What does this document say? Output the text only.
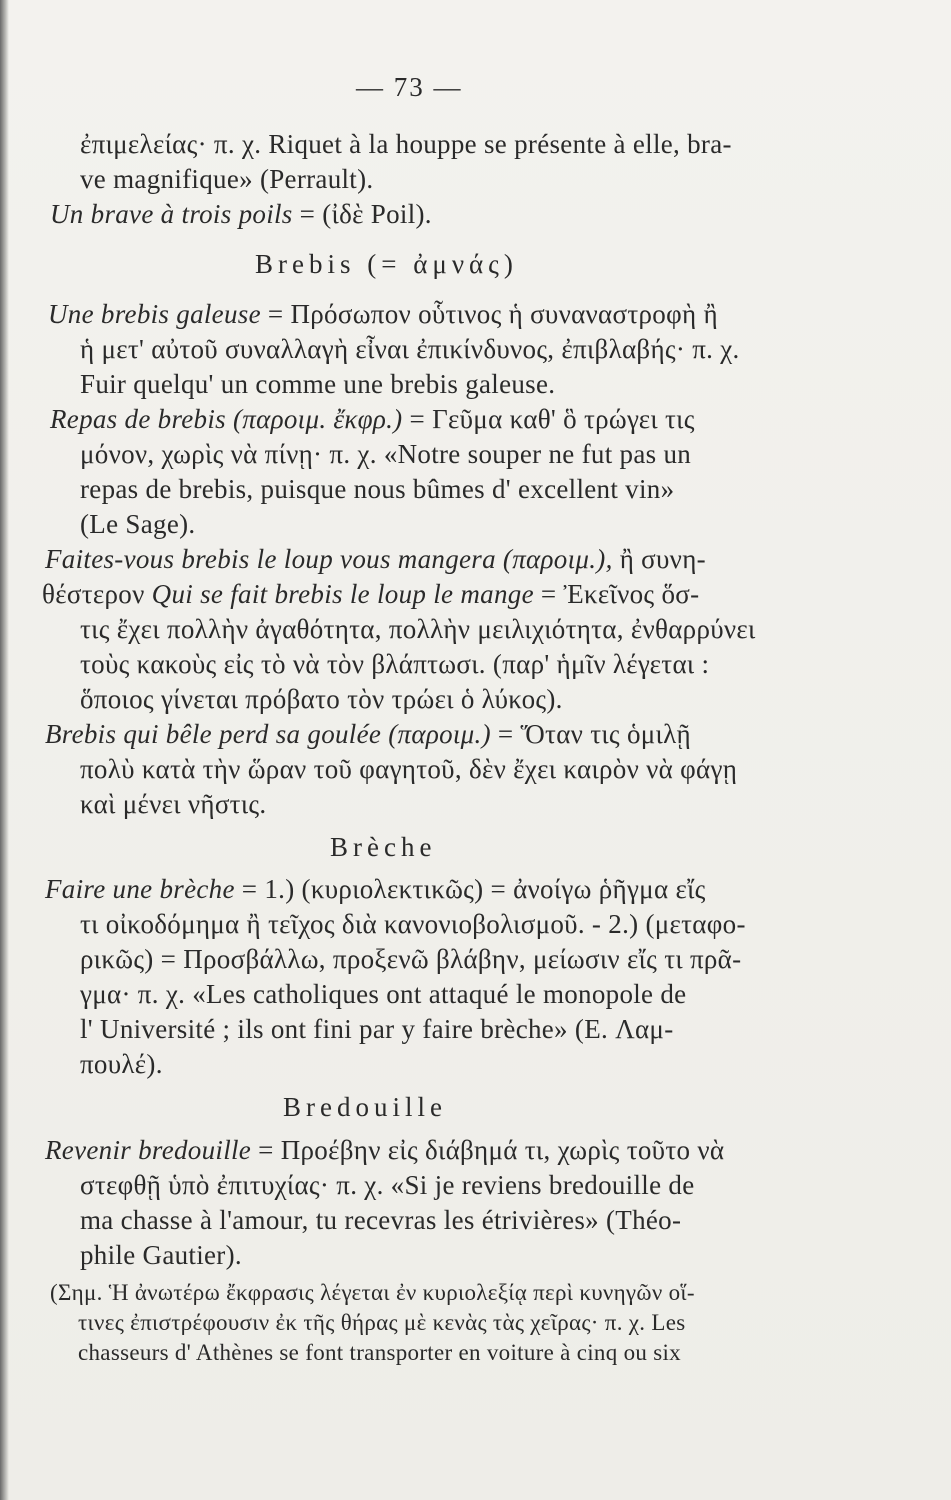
— 73 —
ἐπιμελείας· π. χ. Riquet à la houppe se présente à elle, bra-
ve magnifique» (Perrault).
Un brave à trois poils = (ἰδὲ Poil).
Brebis (= ἀμνάς)
Une brebis galeuse = Πρόσωπον οὗτινος ἡ συναναστροφὴ ἢ
ἡ μετ' αὐτοῦ συναλλαγὴ εἶναι ἐπικίνδυνος, ἐπιβλαβής· π. χ.
Fuir quelqu' un comme une brebis galeuse.
Repas de brebis (παροιμ. ἔκφρ.) = Γεῦμα καθ' ὃ τρώγει τις
μόνον, χωρὶς νὰ πίνῃ· π. χ. «Notre souper ne fut pas un
repas de brebis, puisque nous bûmes d' excellent vin»
(Le Sage).
Faites-vous brebis le loup vous mangera (παροιμ.), ἢ συνη-
θέστερον Qui se fait brebis le loup le mange = Ἐκεῖνος ὅσ-
τις ἔχει πολλὴν ἀγαθότητα, πολλὴν μειλιχιότητα, ἐνθαρρύνει
τοὺς κακοὺς εἰς τὸ νὰ τὸν βλάπτωσι. (παρ' ἡμῖν λέγεται :
ὅποιος γίνεται πρόβατο τὸν τρώει ὁ λύκος).
Brebis qui bêle perd sa goulée (παροιμ.) = Ὅταν τις ὁμιλῇ
πολὺ κατὰ τὴν ὥραν τοῦ φαγητοῦ, δὲν ἔχει καιρὸν νὰ φάγῃ
καὶ μένει νῆστις.
Brèche
Faire une brèche = 1.) (κυριολεκτικῶς) = ἀνοίγω ῥῆγμα εἴς
τι οἰκοδόμημα ἢ τεῖχος διὰ κανονιοβολισμοῦ. - 2.) (μεταφο-
ρικῶς) = Προσβάλλω, προξενῶ βλάβην, μείωσιν εἴς τι πρᾶ-
γμα· π. χ. «Les catholiques ont attaqué le monopole de
l' Université ; ils ont fini par y faire brèche» (E. Λαμ-
πουλέ).
Bredouille
Revenir bredouille = Προέβην εἰς διάβημά τι, χωρὶς τοῦτο νὰ
στεφθῇ ὑπὸ ἐπιτυχίας· π. χ. «Si je reviens bredouille de
ma chasse à l'amour, tu recevras les étrivières» (Théo-
phile Gautier).
(Σημ. Ἡ ἀνωτέρω ἔκφρασις λέγεται ἐν κυριολεξίᾳ περὶ κυνηγῶν οἵ-
τινες ἐπιστρέφουσιν ἐκ τῆς θήρας μὲ κενὰς τὰς χεῖρας· π. χ. Les
chasseurs d' Athènes se font transporter en voiture à cinq ou six
